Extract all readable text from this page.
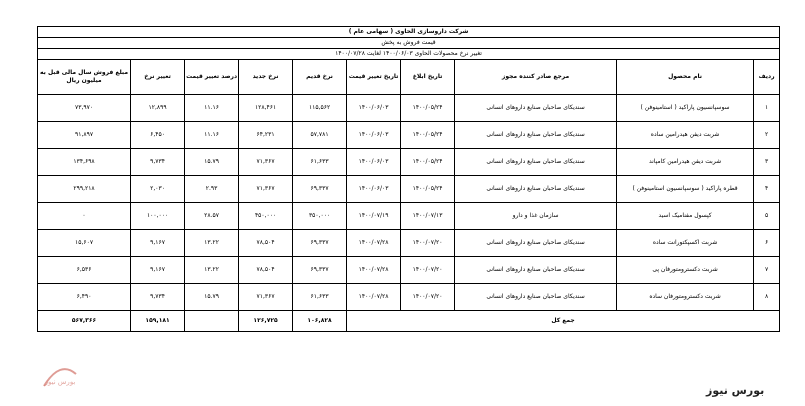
شرکت داروسازی الحاوی ( سهامی عام )									
قیمت فروش به پخش									
تغییر نرخ محصولات الحاوی ۱۴۰۰/۰۶/۰۳ لغایت ۱۴۰۰/۰۷/۲۸									
ردیف	نام محصول	مرجع صادر کننده مجوز	تاریخ ابلاغ	تاریخ تغییر قیمت	نرخ قدیم	نرخ جدید	درصد تغییر قیمت	تغییر نرخ	مبلغ فروش سال مالی قبل به میلیون ریال
۱	سوسپانسیون پاراکید ( استامینوفن )	سندیکای صاحبان صنایع داروهای انسانی	۱۴۰۰/۰۵/۲۴	۱۴۰۰/۰۶/۰۳	۱۱۵,۵۶۲	۱۲۸,۴۶۱	۱۱.۱۶	۱۲,۸۹۹	۷۳,۹۷۰
۲	شربت دیفن هیدرامین ساده	سندیکای صاحبان صنایع داروهای انسانی	۱۴۰۰/۰۵/۲۴	۱۴۰۰/۰۶/۰۳	۵۷,۷۸۱	۶۴,۲۳۱	۱۱.۱۶	۶,۴۵۰	۹۱,۸۹۷
۳	شربت دیفن هیدرامین کامپاند	سندیکای صاحبان صنایع داروهای انسانی	۱۴۰۰/۰۵/۲۴	۱۴۰۰/۰۶/۰۳	۶۱,۶۳۳	۷۱,۳۶۷	۱۵.۷۹	۹,۷۳۴	۱۳۴,۶۹۸
۴	قطره پاراکید ( سوسپانسیون استامینوفن )	سندیکای صاحبان صنایع داروهای انسانی	۱۴۰۰/۰۵/۲۴	۱۴۰۰/۰۶/۰۳	۶۹,۳۳۷	۷۱,۳۶۷	۲.۹۳	۲,۰۳۰	۲۹۹,۲۱۸
۵	کپسول مفنامیک اسید	سازمان غذا و دارو	۱۴۰۰/۰۷/۱۳	۱۴۰۰/۰۷/۱۹	۳۵۰,۰۰۰	۴۵۰,۰۰۰	۲۸.۵۷	۱۰۰,۰۰۰	۰
۶	شربت اکسپکتورانت ساده	سندیکای صاحبان صنایع داروهای انسانی	۱۴۰۰/۰۷/۲۰	۱۴۰۰/۰۷/۲۸	۶۹,۳۳۷	۷۸,۵۰۴	۱۳.۲۲	۹,۱۶۷	۱۵,۶۰۷
۷	شربت دکسترومتورفان پی	سندیکای صاحبان صنایع داروهای انسانی	۱۴۰۰/۰۷/۲۰	۱۴۰۰/۰۷/۲۸	۶۹,۳۳۷	۷۸,۵۰۴	۱۳.۲۲	۹,۱۶۷	۶,۵۳۶
۸	شربت دکسترومتورفان ساده	سندیکای صاحبان صنایع داروهای انسانی	۱۴۰۰/۰۷/۲۰	۱۴۰۰/۰۷/۲۸	۶۱,۶۳۳	۷۱,۳۶۷	۱۵.۷۹	۹,۷۳۴	۶,۴۹۰
جمع کل					۱۰۶,۸۲۸	۱۲۶,۷۲۵		۱۵۹,۱۸۱	۵۶۷,۳۶۶
بورس نیوز
بورس نیوز
